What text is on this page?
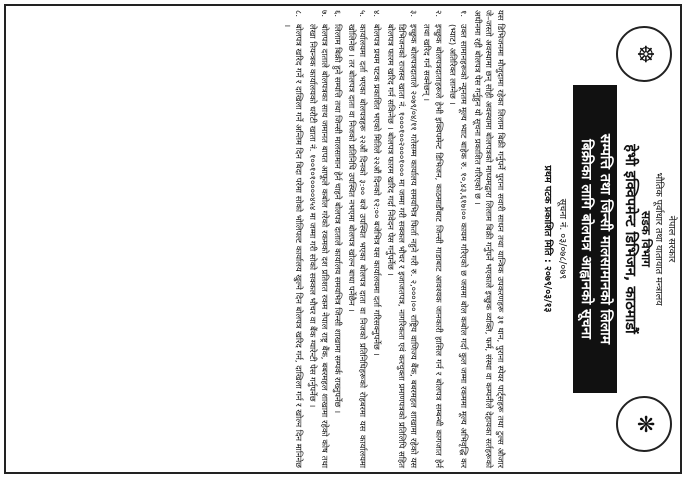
☸
❋
नेपाल सरकार
भौतिक पूर्वाधार तथा यातायात मन्त्रालय
सडक विभाग
हेभी इक्विपमेन्ट डिभिजन, काठमाडौं
सम्पत्ति तथा जिन्सी मालसामानको लिलाम
बिक्रीका लागि बोलपत्र आह्वानको सूचना
सूचना नं. ०३/०७८/०७९
प्रथम पटक प्रकाशित मिति : २०७९/०३/१३

यस डिभिजनमा मौजुदामा रहेका लिलाम बिक्री गर्नुपर्ने पुराना सवारी साधन तथा यान्त्रिक उपकरणहरू ३१ थान, पुराना स्पेयर पार्ट्सहरू तथा टुल्स औजार जे–जस्तो अवस्थामा छन् सोही अवस्थामा बोलपत्रको माध्यमद्वारा लिलाम बिक्री गर्नुपर्ने भएकाले इच्छुक व्यक्ति, फर्म, संस्था वा कम्पनीले देहायका सर्तहरूको अधीनमा रही बोलपत्र पेस गर्नुहुन यो सूचना प्रकाशित गरिएको छ ।

१.
उक्त सामानहरूको न्यूनतम मूल्य भ्याट बाहेक रु. १०,४३,६१७।०० कायम गरिएको छ जसमा बोल कबोल गर्दा कुल जम्मा रकममा मूल्य अभिवृद्धि कर (भ्याट) अतिरिक्त लाग्नेछ ।
२.
इच्छुक बोलपत्रदाताहरूले हेभी इक्विपमेन्ट डिभिजन, काठमाडौंबाट जिन्सी गाडाबाट आवश्यक जानकारी हासिल गर्न र बोलपत्र सम्बन्धी कागजात हेर्न तथा खरिद गर्न सक्नेछन् ।
३.
इच्छुक बोलपत्रदाताले २०७९/०४/११ गतेसम्म कार्यालय समयभित्र फिर्ता नहुने गरी रु. २,०००।०० राष्ट्रिय वाणिज्य बैंक, बबरमहल शाखामा रहेको यस डिभिजनको राजस्व खाता नं. १०००१००२०००१००० मा जम्मा गरी सक्कल भौचर र इजाजतपत्र, नागरिकता एवं करचुक्ता प्रमाणपत्रको प्रतिलिपि सहित बोलपत्र फारम खरिद गर्न सकिनेछ । बोलपत्र फारम खरिद गर्दा निवेदन पेस गर्नुपर्नेछ ।
४.
बोलपत्र प्रथम पटक प्रकाशित भएको मितिले २२औं दिनको १२:०० बजेभित्र यस कार्यालयमा दर्ता गरिसक्नुपर्नेछ ।
५.
कार्यालयमा दर्ता भएका बोलपत्रहरू २२औं दिनको ३:०० बजे उपस्थित भएका बोलपत्र दाता वा निजको प्रतिनिधिहरूको रोहबरमा यस कार्यालयमा खोलिनेछ । तर बोलपत्र दाता वा निजको प्रतिनिधि उपस्थित नभएमा बोलपत्र खोल्न बाधा पर्नेछैन ।
६.
लिलाम बिक्री हुने सम्पत्ति तथा जिन्सी मालसामान हेर्न चाहने बोलपत्र दाताले कार्यालय समयभित्र जिन्सी शाखामा सम्पर्क राख्नुपर्नेछ ।
७.
बोलपत्र दाताले बोलपत्रका साथ जमानत बापत आफूले कबोल गरेको रकमको दश प्रतिशत रकम नेपाल राष्ट्र बैंक, बबरमहल शाखामा रहेको कोष तथा लेखा नियन्त्रक कार्यालयको धरौटी खाता नं. १००१०१००००४५४ मा जम्मा गरी सोको सक्कल भौचर वा बैंक ग्यारेन्टी पेस गर्नुपर्नेछ ।
८.
बोलपत्र खरिद गर्ने र दाखिला गर्ने अन्तिम दिन बिदा परेमा सोको भोलिपल्ट कार्यालय खुल्ने दिन बोलपत्र खरिद गर्न, दाखिला गर्न र खोल्न दिन मानिनेछ ।
